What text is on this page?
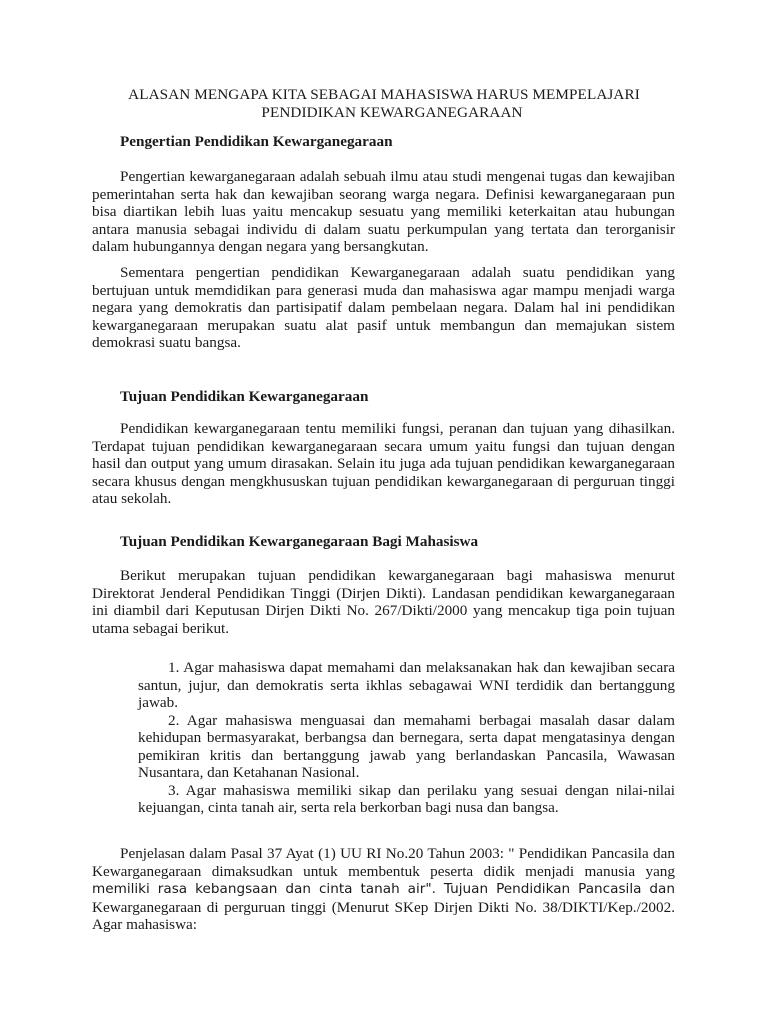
ALASAN MENGAPA KITA SEBAGAI MAHASISWA HARUS MEMPELAJARI
PENDIDIKAN KEWARGANEGARAAN
Pengertian Pendidikan Kewarganegaraan
Pengertian kewarganegaraan adalah sebuah ilmu atau studi mengenai tugas dan kewajiban pemerintahan serta hak dan kewajiban seorang warga negara. Definisi kewarganegaraan pun bisa diartikan lebih luas yaitu mencakup sesuatu yang memiliki keterkaitan atau hubungan antara manusia sebagai individu di dalam suatu perkumpulan yang tertata dan terorganisir dalam hubungannya dengan negara yang bersangkutan.
Sementara pengertian pendidikan Kewarganegaraan adalah suatu pendidikan yang bertujuan untuk memdidikan para generasi muda dan mahasiswa agar mampu menjadi warga negara yang demokratis dan partisipatif dalam pembelaan negara. Dalam hal ini pendidikan kewarganegaraan merupakan suatu alat pasif untuk membangun dan memajukan sistem demokrasi suatu bangsa.
Tujuan Pendidikan Kewarganegaraan
Pendidikan kewarganegaraan tentu memiliki fungsi, peranan dan tujuan yang dihasilkan. Terdapat tujuan pendidikan kewarganegaraan secara umum yaitu fungsi dan tujuan dengan hasil dan output yang umum dirasakan. Selain itu juga ada tujuan pendidikan kewarganegaraan secara khusus dengan mengkhususkan tujuan pendidikan kewarganegaraan di perguruan tinggi atau sekolah.
Tujuan Pendidikan Kewarganegaraan Bagi Mahasiswa
Berikut merupakan tujuan pendidikan kewarganegaraan bagi mahasiswa menurut Direktorat Jenderal Pendidikan Tinggi (Dirjen Dikti). Landasan pendidikan kewarganegaraan ini diambil dari Keputusan Dirjen Dikti No. 267/Dikti/2000 yang mencakup tiga poin tujuan utama sebagai berikut.
1. Agar mahasiswa dapat memahami dan melaksanakan hak dan kewajiban secara santun, jujur, dan demokratis serta ikhlas sebagawai WNI terdidik dan bertanggung jawab.
2. Agar mahasiswa menguasai dan memahami berbagai masalah dasar dalam kehidupan bermasyarakat, berbangsa dan bernegara, serta dapat mengatasinya dengan pemikiran kritis dan bertanggung jawab yang berlandaskan Pancasila, Wawasan Nusantara, dan Ketahanan Nasional.
3. Agar mahasiswa memiliki sikap dan perilaku yang sesuai dengan nilai-nilai kejuangan, cinta tanah air, serta rela berkorban bagi nusa dan bangsa.
Penjelasan dalam Pasal 37 Ayat (1) UU RI No.20 Tahun 2003: " Pendidikan Pancasila dan Kewarganegaraan dimaksudkan untuk membentuk peserta didik menjadi manusia yang memiliki rasa kebangsaan dan cinta tanah air". Tujuan Pendidikan Pancasila dan Kewarganegaraan di perguruan tinggi (Menurut SKep Dirjen Dikti No. 38/DIKTI/Kep./2002. Agar mahasiswa:
